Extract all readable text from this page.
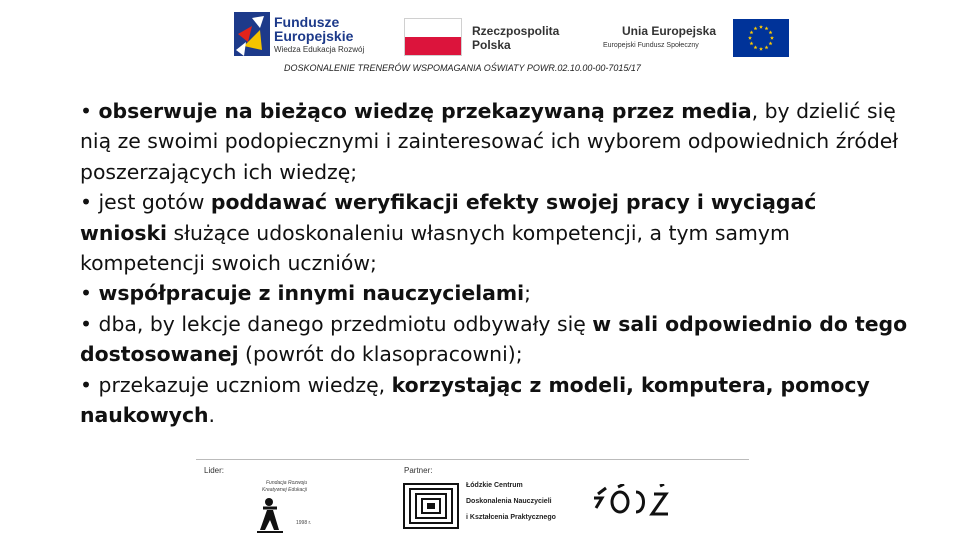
Fundusze
Europejskie
Wiedza Edukacja Rozwój
Rzeczpospolita
Polska
Unia Europejska
Europejski Fundusz Społeczny
DOSKONALENIE TRENERÓW WSPOMAGANIA OŚWIATY POWR.02.10.00-00-7015/17

• obserwuje na bieżąco wiedzę przekazywaną przez media, by dzielić się nią ze swoimi podopiecznymi i zainteresować ich wyborem odpowiednich źródeł poszerzających ich wiedzę;

• jest gotów poddawać weryfikacji efekty swojej pracy i wyciągać wnioski służące udoskonaleniu własnych kompetencji, a tym samym kompetencji swoich uczniów;

• współpracuje z innymi nauczycielami;

• dba, by lekcje danego przedmiotu odbywały się w sali odpowiednio do tego dostosowanej (powrót do klasopracowni);

• przekazuje uczniom wiedzę, korzystając z modeli, komputera, pomocy naukowych.

Lider:	Partner:
Fundacja Rozwoju
Kreatywnej Edukacji
1998 r.
Łódzkie Centrum
Doskonalenia Nauczycieli
i Kształcenia Praktycznego
